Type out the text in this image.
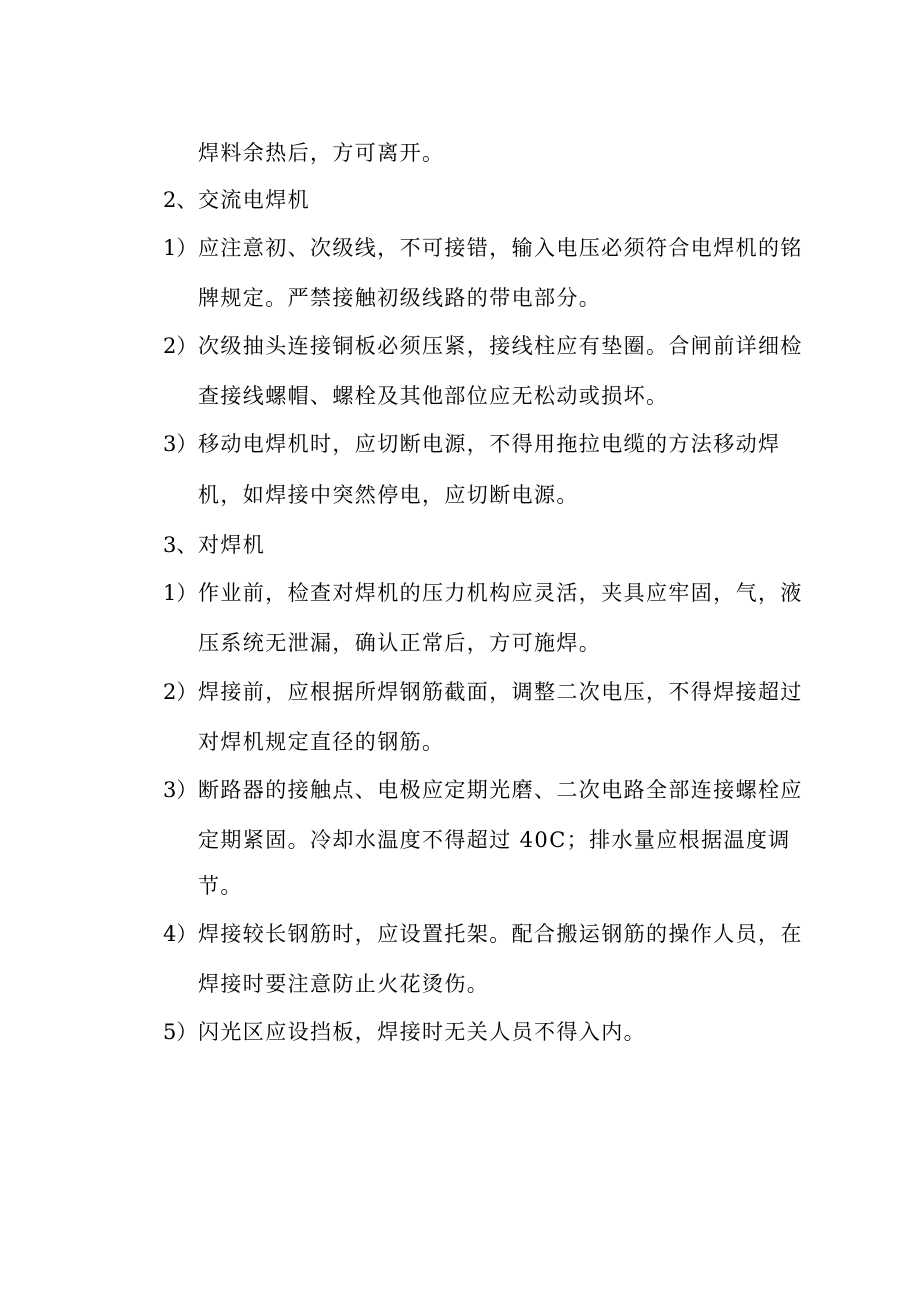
焊料余热后，方可离开。
2、 交流电焊机
1） 应注意初、次级线，不可接错，输入电压必须符合电焊机的铭
牌规定。严禁接触初级线路的带电部分。
2） 次级抽头连接铜板必须压紧，接线柱应有垫圈。合闸前详细检
查接线螺帽、螺栓及其他部位应无松动或损坏。
3） 移动电焊机时，应切断电源，不得用拖拉电缆的方法移动焊
机，如焊接中突然停电，应切断电源。
3、 对焊机
1） 作业前，检查对焊机的压力机构应灵活，夹具应牢固，气，液
压系统无泄漏，确认正常后，方可施焊。
2） 焊接前，应根据所焊钢筋截面，调整二次电压，不得焊接超过
对焊机规定直径的钢筋。
3） 断路器的接触点、电极应定期光磨、二次电路全部连接螺栓应
定期紧固。冷却水温度不得超过 40C；排水量应根据温度调
节。
4） 焊接较长钢筋时，应设置托架。配合搬运钢筋的操作人员，在
焊接时要注意防止火花烫伤。
5） 闪光区应设挡板，焊接时无关人员不得入内。
